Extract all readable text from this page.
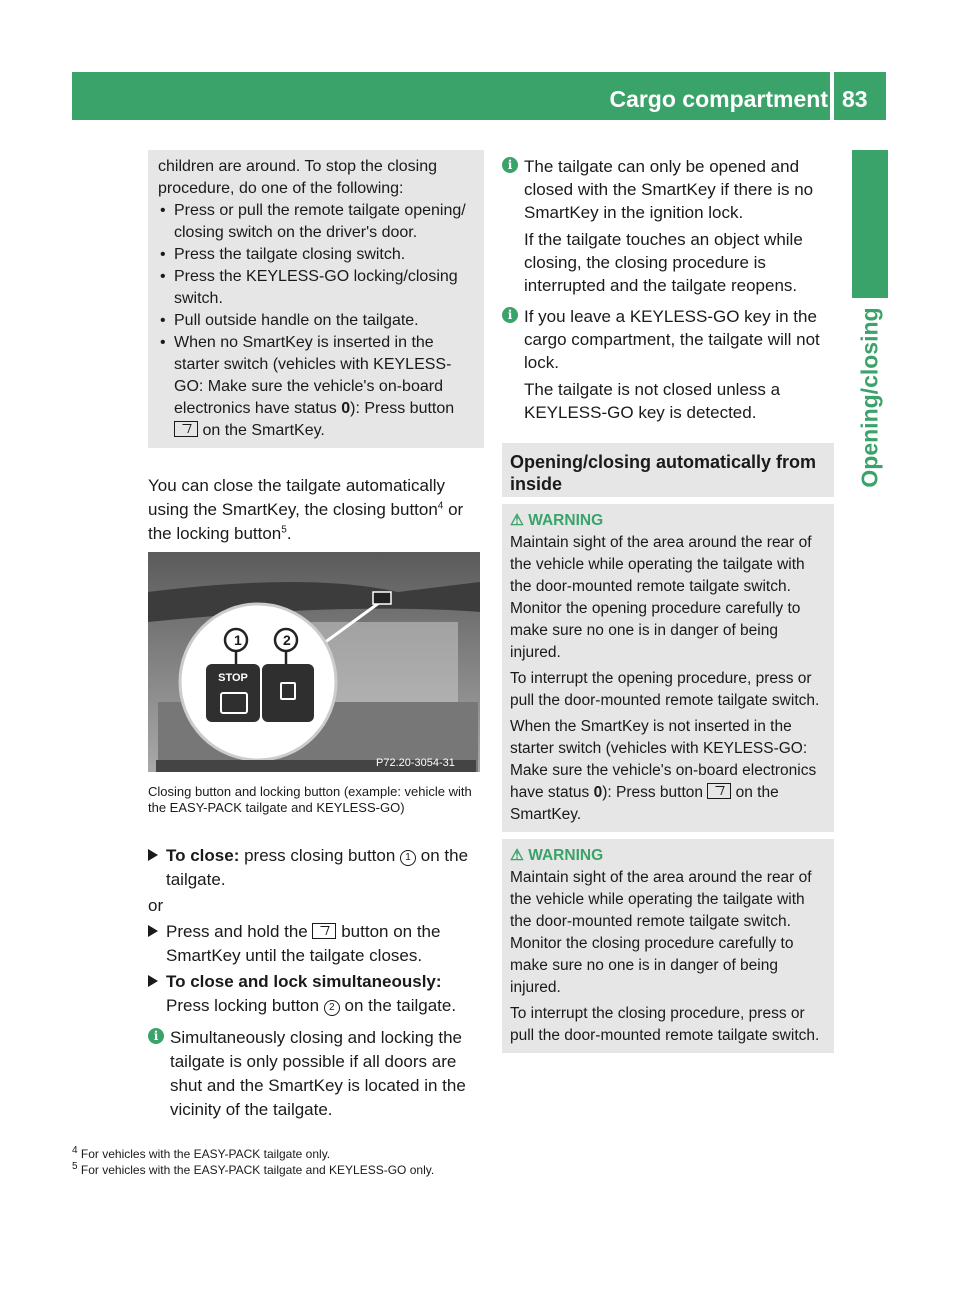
Cargo compartment 83
Opening/closing

children are around. To stop the closing procedure, do one of the following:

• Press or pull the remote tailgate opening/ closing switch on the driver's door.

• Press the tailgate closing switch.

• Press the KEYLESS-GO locking/closing switch.

• Pull outside handle on the tailgate.

• When no SmartKey is inserted in the starter switch (vehicles with KEYLESS-GO: Make sure the vehicle's on-board electronics have status 0): Press button  on the SmartKey.

You can close the tailgate automatically using the SmartKey, the closing button$^4$ or the locking button$^5$.

1	2
STOP
P72.20-3054-31

Closing button and locking button (example: vehicle with the EASY-PACK tailgate and KEYLESS-GO)

To close: press closing button 1 on the tailgate.

or

Press and hold the  button on the SmartKey until the tailgate closes.

To close and lock simultaneously:

Press locking button 2 on the tailgate.

i Simultaneously closing and locking the tailgate is only possible if all doors are shut and the SmartKey is located in the vicinity of the tailgate.

i The tailgate can only be opened and closed with the SmartKey if there is no SmartKey in the ignition lock.

If the tailgate touches an object while closing, the closing procedure is interrupted and the tailgate reopens.

i If you leave a KEYLESS-GO key in the cargo compartment, the tailgate will not lock.

The tailgate is not closed unless a KEYLESS-GO key is detected.

Opening/closing automatically from inside

⚠ WARNING

Maintain sight of the area around the rear of the vehicle while operating the tailgate with the door-mounted remote tailgate switch. Monitor the opening procedure carefully to make sure no one is in danger of being injured.

To interrupt the opening procedure, press or pull the door-mounted remote tailgate switch.

When the SmartKey is not inserted in the starter switch (vehicles with KEYLESS-GO: Make sure the vehicle's on-board electronics have status 0): Press button  on the SmartKey.

⚠ WARNING

Maintain sight of the area around the rear of the vehicle while operating the tailgate with the door-mounted remote tailgate switch. Monitor the closing procedure carefully to make sure no one is in danger of being injured.

To interrupt the closing procedure, press or pull the door-mounted remote tailgate switch.

$^4$ For vehicles with the EASY-PACK tailgate only.

$^5$ For vehicles with the EASY-PACK tailgate and KEYLESS-GO only.
